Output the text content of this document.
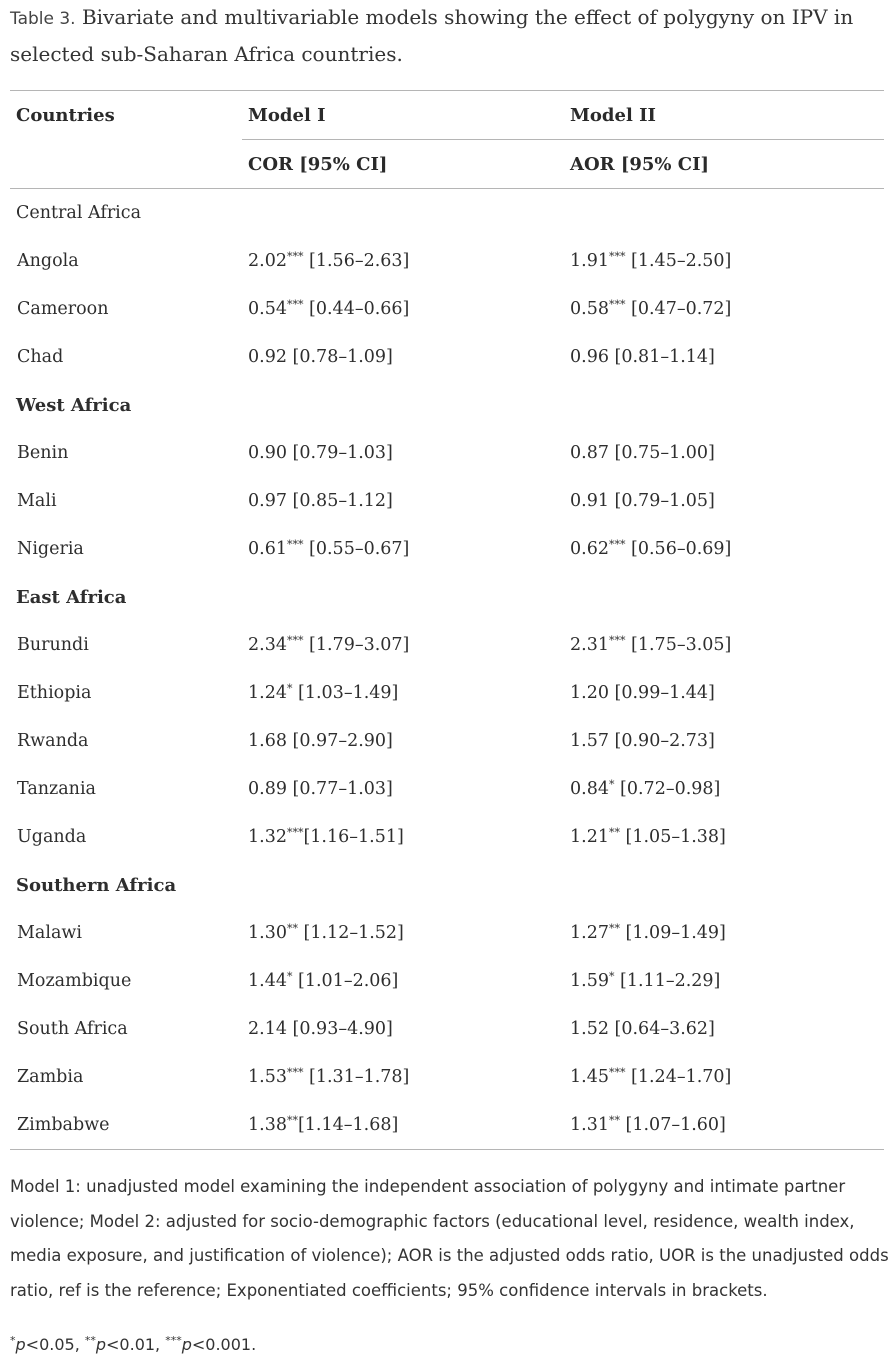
Table 3. Bivariate and multivariable models showing the effect of polygyny on IPV in selected sub-Saharan Africa countries.

Countries	Model I	Model II
	COR [95% CI]	AOR [95% CI]
Central Africa		
Angola	2.02*** [1.56–2.63]	1.91*** [1.45–2.50]
Cameroon	0.54*** [0.44–0.66]	0.58*** [0.47–0.72]
Chad	0.92 [0.78–1.09]	0.96 [0.81–1.14]
West Africa		
Benin	0.90 [0.79–1.03]	0.87 [0.75–1.00]
Mali	0.97 [0.85–1.12]	0.91 [0.79–1.05]
Nigeria	0.61*** [0.55–0.67]	0.62*** [0.56–0.69]
East Africa		
Burundi	2.34*** [1.79–3.07]	2.31*** [1.75–3.05]
Ethiopia	1.24* [1.03–1.49]	1.20 [0.99–1.44]
Rwanda	1.68 [0.97–2.90]	1.57 [0.90–2.73]
Tanzania	0.89 [0.77–1.03]	0.84* [0.72–0.98]
Uganda	1.32***[1.16–1.51]	1.21** [1.05–1.38]
Southern Africa		
Malawi	1.30** [1.12–1.52]	1.27** [1.09–1.49]
Mozambique	1.44* [1.01–2.06]	1.59* [1.11–2.29]
South Africa	2.14 [0.93–4.90]	1.52 [0.64–3.62]
Zambia	1.53*** [1.31–1.78]	1.45*** [1.24–1.70]
Zimbabwe	1.38**[1.14–1.68]	1.31** [1.07–1.60]

Model 1: unadjusted model examining the independent association of polygyny and intimate partner violence; Model 2: adjusted for socio-demographic factors (educational level, residence, wealth index, media exposure, and justification of violence); AOR is the adjusted odds ratio, UOR is the unadjusted odds ratio, ref is the reference; Exponentiated coefficients; 95% confidence intervals in brackets.

*p<0.05, **p<0.01, ***p<0.001.
